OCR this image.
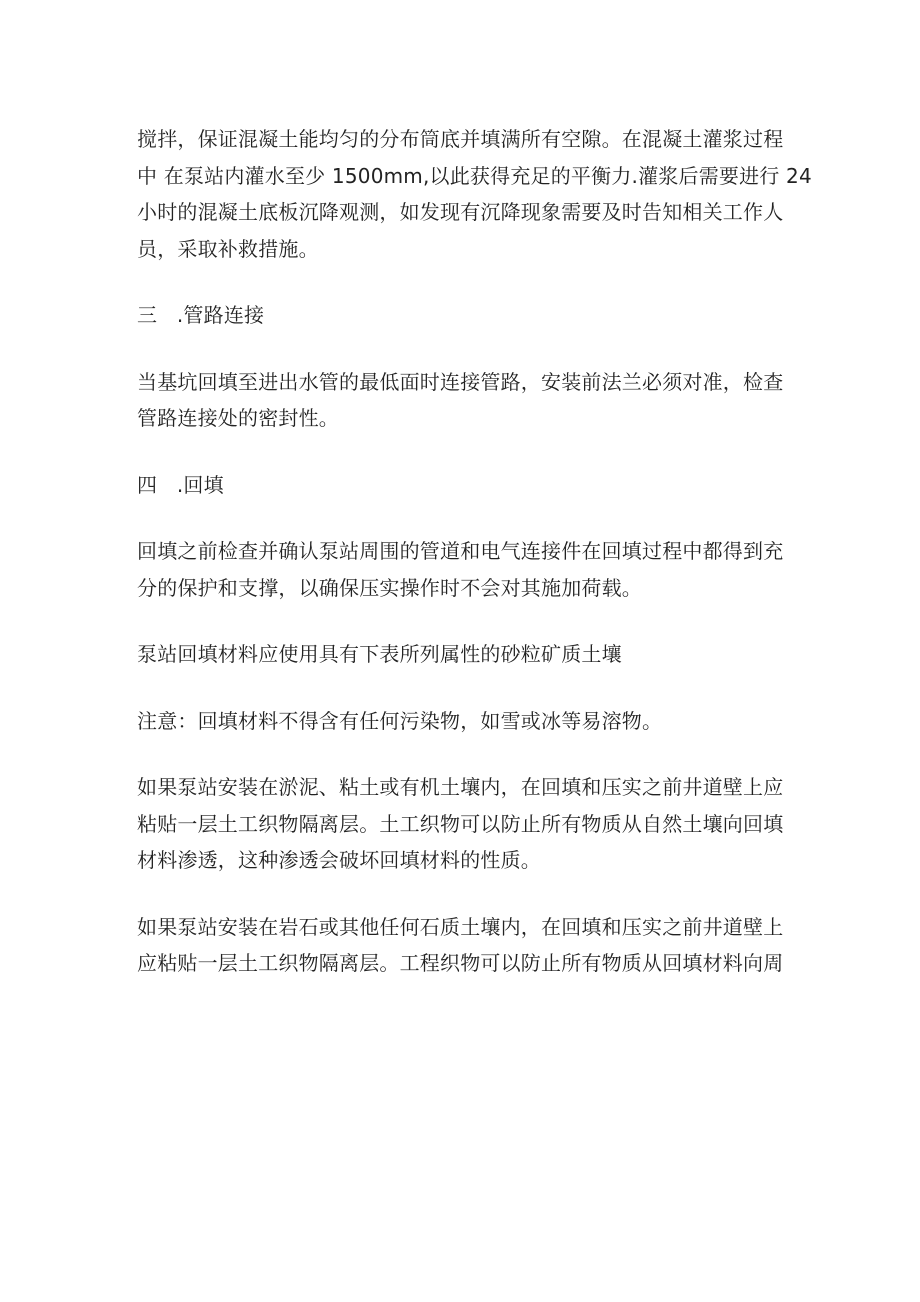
搅拌，保证混凝土能均匀的分布筒底并填满所有空隙。在混凝土灌浆过程
中 在泵站内灌水至少 1500mm,以此获得充足的平衡力.灌浆后需要进行 24
小时的混凝土底板沉降观测，如发现有沉降现象需要及时告知相关工作人
员，采取补救措施。

三   .管路连接

当基坑回填至进出水管的最低面时连接管路，安装前法兰必须对准，检查
管路连接处的密封性。

四   .回填

回填之前检查并确认泵站周围的管道和电气连接件在回填过程中都得到充
分的保护和支撑，以确保压实操作时不会对其施加荷载。

泵站回填材料应使用具有下表所列属性的砂粒矿质土壤

注意：回填材料不得含有任何污染物，如雪或冰等易溶物。

如果泵站安装在淤泥、粘土或有机土壤内，在回填和压实之前井道壁上应
粘贴一层土工织物隔离层。土工织物可以防止所有物质从自然土壤向回填
材料渗透，这种渗透会破坏回填材料的性质。

如果泵站安装在岩石或其他任何石质土壤内，在回填和压实之前井道壁上
应粘贴一层土工织物隔离层。工程织物可以防止所有物质从回填材料向周
